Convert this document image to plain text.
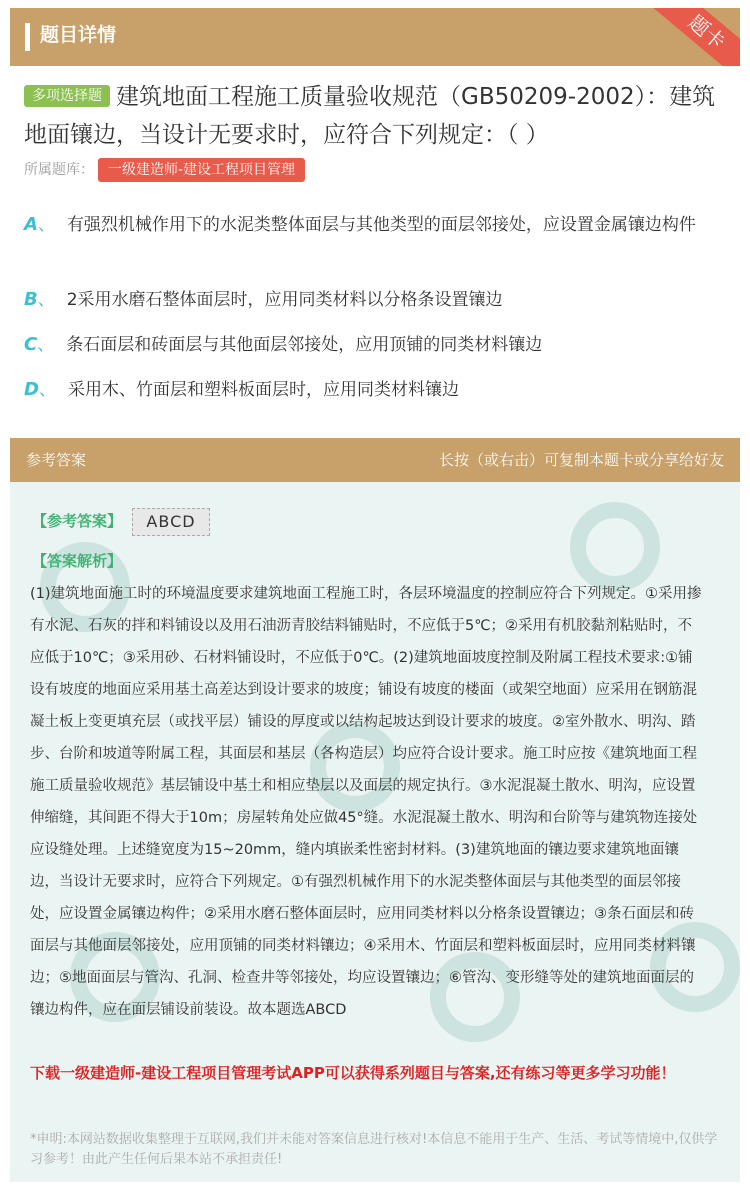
题目详情	题卡
多项选择题 建筑地面工程施工质量验收规范（GB50209-2002）：建筑地面镶边，当设计无要求时，应符合下列规定：（ ）
所属题库： 一级建造师-建设工程项目管理
A、 有强烈机械作用下的水泥类整体面层与其他类型的面层邻接处，应设置金属镶边构件
B、 2采用水磨石整体面层时，应用同类材料以分格条设置镶边
C、 条石面层和砖面层与其他面层邻接处，应用顶铺的同类材料镶边
D、 采用木、竹面层和塑料板面层时，应用同类材料镶边
参考答案	长按（或右击）可复制本题卡或分享给好友
【参考答案】	ABCD
【答案解析】
(1)建筑地面施工时的环境温度要求建筑地面工程施工时，各层环境温度的控制应符合下列规定。①采用掺有水泥、石灰的拌和料铺设以及用石油沥青胶结料铺贴时，不应低于5℃；②采用有机胶黏剂粘贴时，不应低于10℃；③采用砂、石材料铺设时，不应低于0℃。(2)建筑地面坡度控制及附属工程技术要求:①铺设有坡度的地面应采用基土高差达到设计要求的坡度；铺设有坡度的楼面（或架空地面）应采用在钢筋混凝土板上变更填充层（或找平层）铺设的厚度或以结构起坡达到设计要求的坡度。②室外散水、明沟、踏步、台阶和坡道等附属工程，其面层和基层（各构造层）均应符合设计要求。施工时应按《建筑地面工程施工质量验收规范》基层铺设中基土和相应垫层以及面层的规定执行。③水泥混凝土散水、明沟，应设置伸缩缝，其间距不得大于10m；房屋转角处应做45°缝。水泥混凝土散水、明沟和台阶等与建筑物连接处应设缝处理。上述缝宽度为15~20mm，缝内填嵌柔性密封材料。(3)建筑地面的镶边要求建筑地面镶边，当设计无要求时，应符合下列规定。①有强烈机械作用下的水泥类整体面层与其他类型的面层邻接处，应设置金属镶边构件；②采用水磨石整体面层时，应用同类材料以分格条设置镶边；③条石面层和砖面层与其他面层邻接处，应用顶铺的同类材料镶边；④采用木、竹面层和塑料板面层时，应用同类材料镶边；⑤地面面层与管沟、孔洞、检查井等邻接处，均应设置镶边；⑥管沟、变形缝等处的建筑地面面层的镶边构件，应在面层铺设前装设。故本题选ABCD
下载一级建造师-建设工程项目管理考试APP可以获得系列题目与答案,还有练习等更多学习功能！
*申明:本网站数据收集整理于互联网,我们并未能对答案信息进行核对!本信息不能用于生产、生活、考试等情境中,仅供学习参考！由此产生任何后果本站不承担责任!
